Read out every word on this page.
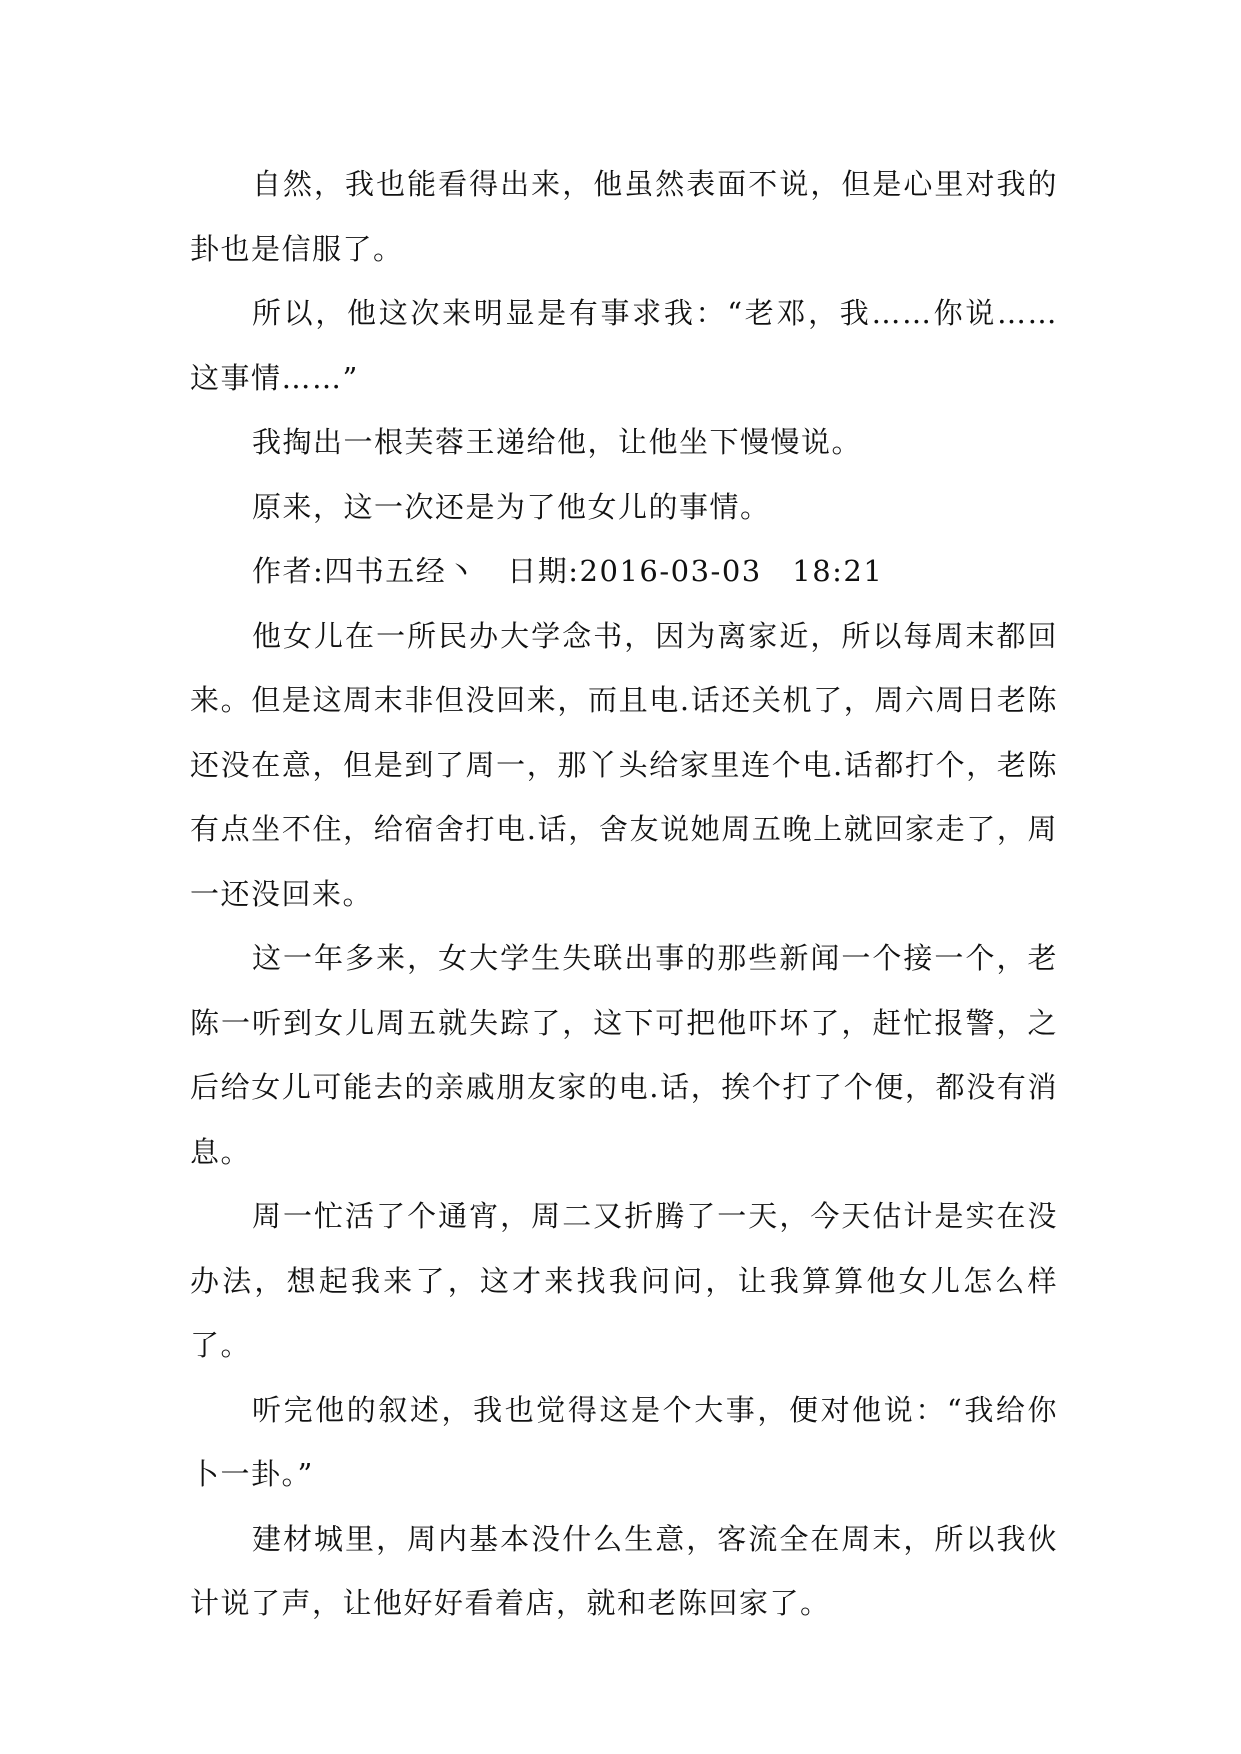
自然，我也能看得出来，他虽然表面不说，但是心里对我的卦也是信服了。

所以，他这次来明显是有事求我：“老邓，我……你说……这事情……”

我掏出一根芙蓉王递给他，让他坐下慢慢说。

原来，这一次还是为了他女儿的事情。

作者:四书五经丶　日期:2016-03-03　18:21

他女儿在一所民办大学念书，因为离家近，所以每周末都回来。但是这周末非但没回来，而且电.话还关机了，周六周日老陈还没在意，但是到了周一，那丫头给家里连个电.话都打个，老陈有点坐不住，给宿舍打电.话，舍友说她周五晚上就回家走了，周一还没回来。

这一年多来，女大学生失联出事的那些新闻一个接一个，老陈一听到女儿周五就失踪了，这下可把他吓坏了，赶忙报警，之后给女儿可能去的亲戚朋友家的电.话，挨个打了个便，都没有消息。

周一忙活了个通宵，周二又折腾了一天，今天估计是实在没办法，想起我来了，这才来找我问问，让我算算他女儿怎么样了。

听完他的叙述，我也觉得这是个大事，便对他说：“我给你卜一卦。”

建材城里，周内基本没什么生意，客流全在周末，所以我伙计说了声，让他好好看着店，就和老陈回家了。
